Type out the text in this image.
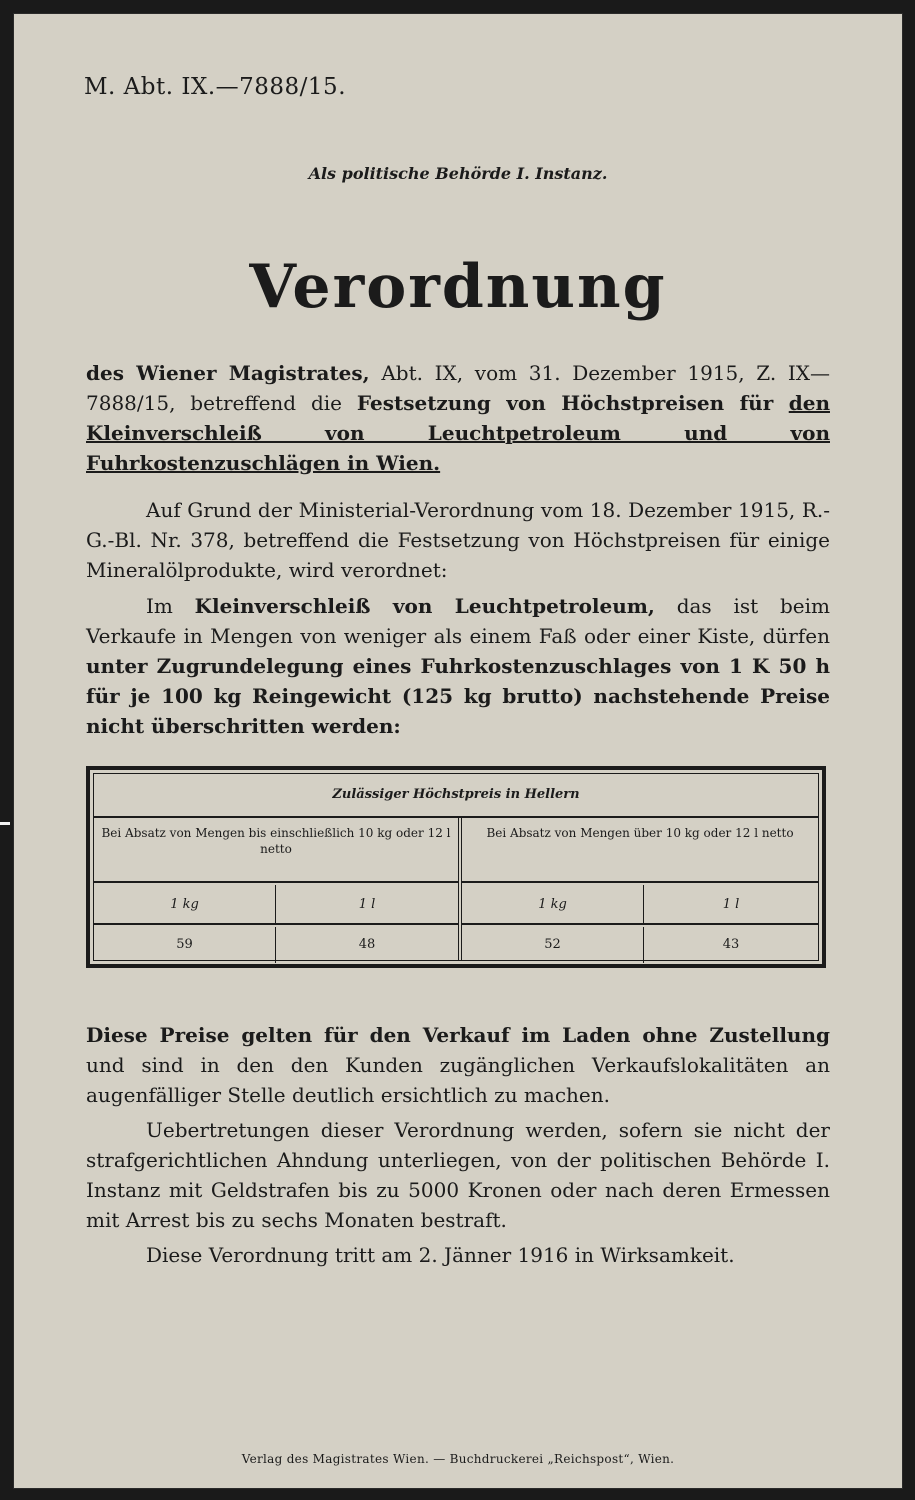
M. Abt. IX.—7888/15.
Als politische Behörde I. Instanz.
Verordnung
des Wiener Magistrates, Abt. IX, vom 31. Dezember 1915, Z. IX—7888/15, betreffend die Festsetzung von Höchstpreisen für den Kleinverschleiß von Leuchtpetroleum und von Fuhrkostenzuschlägen in Wien.
Auf Grund der Ministerial-Verordnung vom 18. Dezember 1915, R.-G.-Bl. Nr. 378, betreffend die Festsetzung von Höchstpreisen für einige Mineralölprodukte, wird verordnet:
Im Kleinverschleiß von Leuchtpetroleum, das ist beim Verkaufe in Mengen von weniger als einem Faß oder einer Kiste, dürfen unter Zugrundelegung eines Fuhrkostenzuschlages von 1 K 50 h für je 100 kg Reingewicht (125 kg brutto) nachstehende Preise nicht überschritten werden:
Zulässiger Höchstpreis in Hellern
Bei Absatz von Mengen bis einschließlich 10 kg oder 12 l netto
Bei Absatz von Mengen über 10 kg oder 12 l netto
1 kg	1 l	1 kg	1 l
59	48	52	43
Diese Preise gelten für den Verkauf im Laden ohne Zustellung und sind in den den Kunden zugänglichen Verkaufslokalitäten an augenfälliger Stelle deutlich ersichtlich zu machen.
Uebertretungen dieser Verordnung werden, sofern sie nicht der strafgerichtlichen Ahndung unterliegen, von der politischen Behörde I. Instanz mit Geldstrafen bis zu 5000 Kronen oder nach deren Ermessen mit Arrest bis zu sechs Monaten bestraft.
Diese Verordnung tritt am 2. Jänner 1916 in Wirksamkeit.
Verlag des Magistrates Wien. — Buchdruckerei „Reichspost“, Wien.
